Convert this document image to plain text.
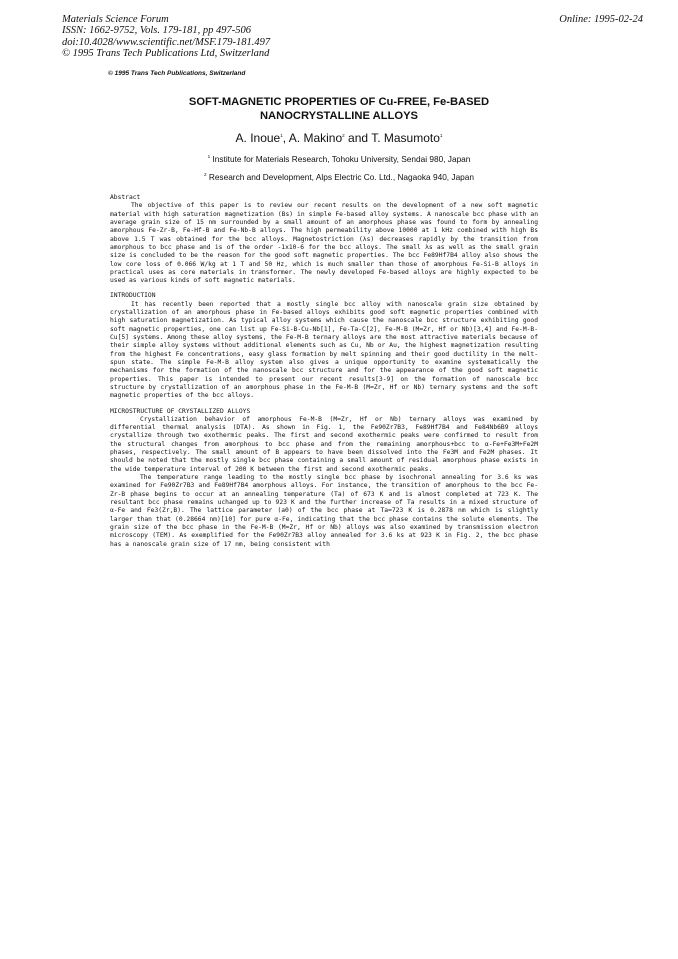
Materials Science Forum
ISSN: 1662-9752, Vols. 179-181, pp 497-506
doi:10.4028/www.scientific.net/MSF.179-181.497
© 1995 Trans Tech Publications Ltd, Switzerland
Online: 1995-02-24
© 1995 Trans Tech Publications, Switzerland
SOFT-MAGNETIC PROPERTIES OF Cu-FREE, Fe-BASED
NANOCRYSTALLINE ALLOYS
A. Inoue$^1$, A. Makino$^2$ and T. Masumoto$^1$
$^1$ Institute for Materials Research, Tohoku University, Sendai 980, Japan
$^2$ Research and Development, Alps Electric Co. Ltd., Nagaoka 940, Japan
Abstract
The objective of this paper is to review our recent results on the development of a new soft magnetic material with high saturation magnetization (Bs) in simple Fe-based alloy systems. A nanoscale bcc phase with an average grain size of 15 nm surrounded by a small amount of an amorphous phase was found to form by annealing amorphous Fe-Zr-B, Fe-Hf-B and Fe-Nb-B alloys. The high permeability above 10000 at 1 kHz combined with high Bs above 1.5 T was obtained for the bcc alloys. Magnetostriction (λs) decreases rapidly by the transition from amorphous to bcc phase and is of the order -1x10-6 for the bcc alloys. The small λs as well as the small grain size is concluded to be the reason for the good soft magnetic properties. The bcc Fe89Hf7B4 alloy also shows the low core loss of 0.066 W/kg at 1 T and 50 Hz, which is much smaller than those of amorphous Fe-Si-B alloys in practical uses as core materials in transformer. The newly developed Fe-based alloys are highly expected to be used as various kinds of soft magnetic materials.
INTRODUCTION
It has recently been reported that a mostly single bcc alloy with nanoscale grain size obtained by crystallization of an amorphous phase in Fe-based alloys exhibits good soft magnetic properties combined with high saturation magnetization. As typical alloy systems which cause the nanoscale bcc structure exhibiting good soft magnetic properties, one can list up Fe-Si-B-Cu-Nb[1], Fe-Ta-C[2], Fe-M-B (M=Zr, Hf or Nb)[3,4] and Fe-M-B-Cu[5] systems. Among these alloy systems, the Fe-M-B ternary alloys are the most attractive materials because of their simple alloy systems without additional elements such as Cu, Nb or Au, the highest magnetization resulting from the highest Fe concentrations, easy glass formation by melt spinning and their good ductility in the melt-spun state. The simple Fe-M-B alloy system also gives a unique opportunity to examine systematically the mechanisms for the formation of the nanoscale bcc structure and for the appearance of the good soft magnetic properties. This paper is intended to present our recent results[3-9] on the formation of nanoscale bcc structure by crystallization of an amorphous phase in the Fe-M-B (M=Zr, Hf or Nb) ternary systems and the soft magnetic properties of the bcc alloys.
MICROSTRUCTURE OF CRYSTALLIZED ALLOYS
Crystallization behavior of amorphous Fe-M-B (M=Zr, Hf or Nb) ternary alloys was examined by differential thermal analysis (DTA). As shown in Fig. 1, the Fe90Zr7B3, Fe89Hf7B4 and Fe84Nb6B9 alloys crystallize through two exothermic peaks. The first and second exothermic peaks were confirmed to result from the structural changes from amorphous to bcc phase and from the remaining amorphous+bcc to α-Fe+Fe3M+Fe2M phases, respectively. The small amount of B appears to have been dissolved into the Fe3M and Fe2M phases. It should be noted that the mostly single bcc phase containing a small amount of residual amorphous phase exists in the wide temperature interval of 200 K between the first and second exothermic peaks.
The temperature range leading to the mostly single bcc phase by isochronal annealing for 3.6 ks was examined for Fe90Zr7B3 and Fe89Hf7B4 amorphous alloys. For instance, the transition of amorphous to the bcc Fe-Zr-B phase begins to occur at an annealing temperature (Ta) of 673 K and is almost completed at 723 K. The resultant bcc phase remains uchanged up to 923 K and the further increase of Ta results in a mixed structure of α-Fe and Fe3(Zr,B). The lattice parameter (a0) of the bcc phase at Ta=723 K is 0.2878 nm which is slightly larger than that (0.28664 nm)[10] for pure α-Fe, indicating that the bcc phase contains the solute elements. The grain size of the bcc phase in the Fe-M-B (M=Zr, Hf or Nb) alloys was also examined by transmission electron microscopy (TEM). As exemplified for the Fe90Zr7B3 alloy annealed for 3.6 ks at 923 K in Fig. 2, the bcc phase has a nanoscale grain size of 17 nm, being consistent with
